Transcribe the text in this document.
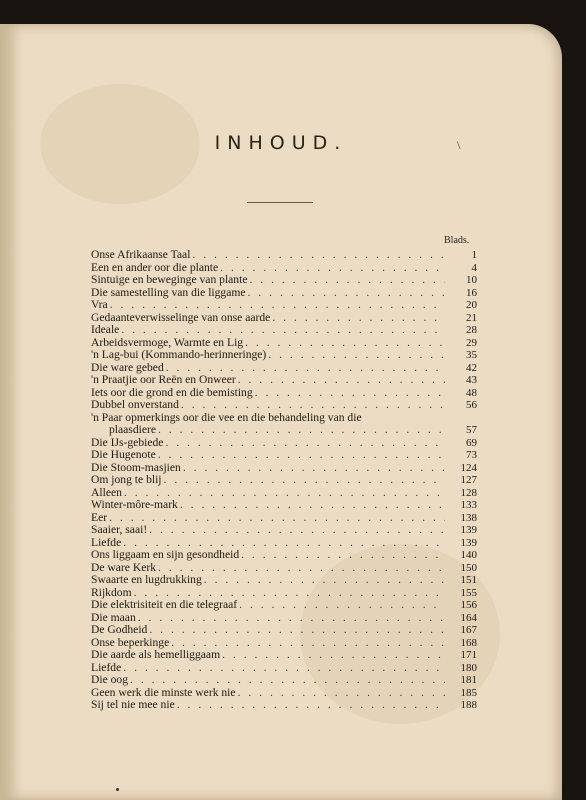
INHOUD.	\
Blads.
Onse Afrikaanse Taal . . .	1
Een en ander oor die plante . . .	4
Sintuige en beweginge van plante . . .	10
Die samestelling van die liggame . . .	16
Vra . . .	20
Gedaanteverwisselinge van onse aarde . . .	21
Ideale . . .	28
Arbeidsvermoge, Warmte en Lig . . .	29
'n Lag-bui (Kommando-herinneringe) . . .	35
Die ware gebed . . .	42
'n Praatjie oor Reën en Onweer . . .	43
Iets oor die grond en die bemisting . . .	48
Dubbel onverstand . . .	56
'n Paar opmerkings oor die vee en die behandeling van die
plaasdiere . . .	57
Die IJs-gebiede . . .	69
Die Hugenote . . .	73
Die Stoom-masjien . . .	124
Om jong te blij . . .	127
Alleen . . .	128
Winter-môre-mark . . .	133
Eer . . .	138
Saaier, saai! . . .	139
Liefde . . .	139
Ons liggaam en sijn gesondheid . . .	140
De ware Kerk . . .	150
Swaarte en lugdrukking . . .	151
Rijkdom . . .	155
Die elektrisiteit en die telegraaf . . .	156
Die maan . . .	164
De Godheid . . .	167
Onse beperkinge . . .	168
Die aarde als hemelliggaam . . .	171
Liefde . . .	180
Die oog . . .	181
Geen werk die minste werk nie . . .	185
Sij tel nie mee nie . . .	188
